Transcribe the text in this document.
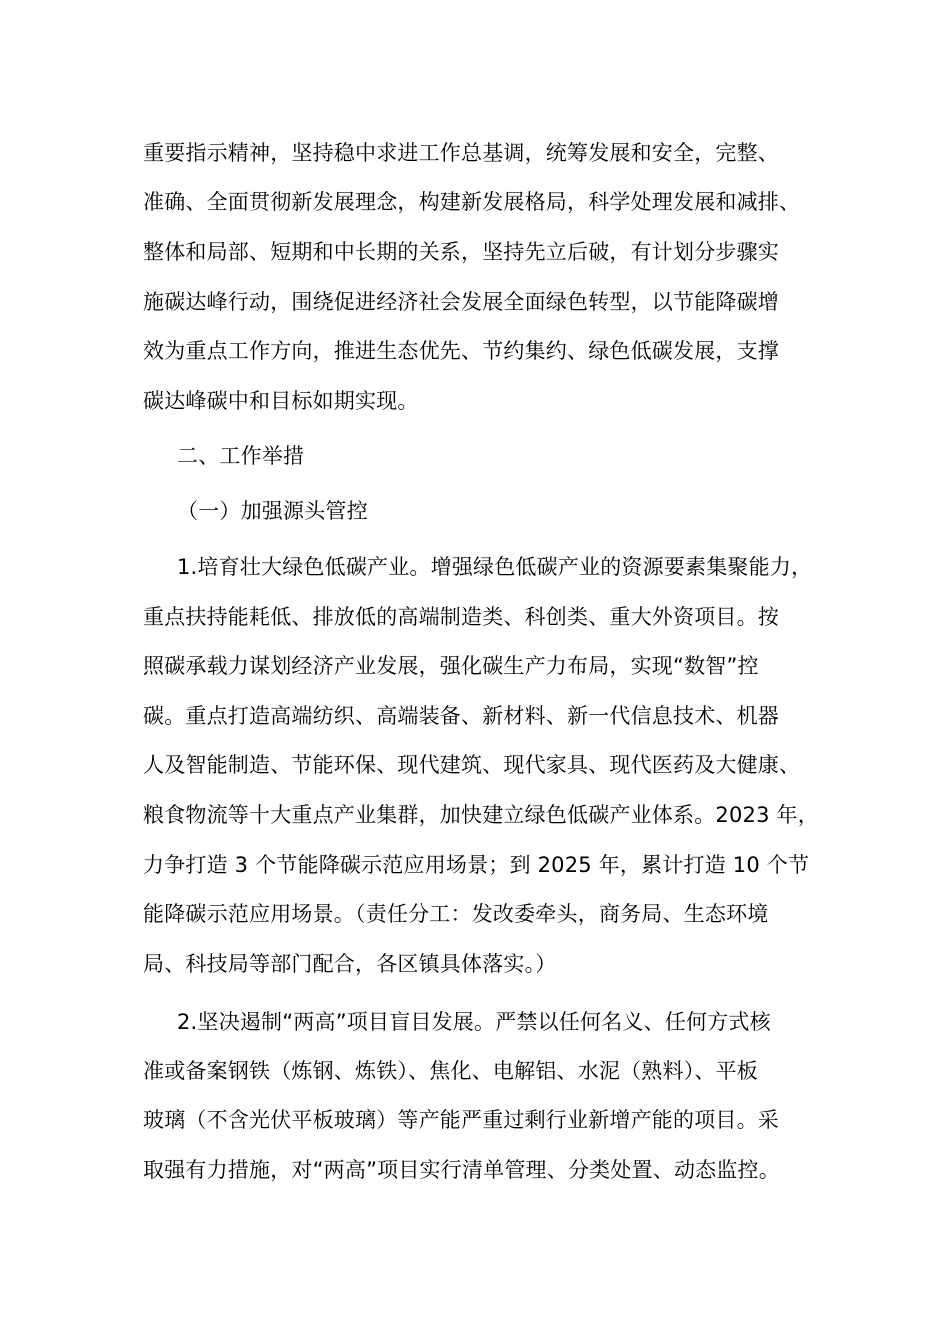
重要指示精神，坚持稳中求进工作总基调，统筹发展和安全，完整、
准确、全面贯彻新发展理念，构建新发展格局，科学处理发展和减排、
整体和局部、短期和中长期的关系，坚持先立后破，有计划分步骤实
施碳达峰行动，围绕促进经济社会发展全面绿色转型，以节能降碳增
效为重点工作方向，推进生态优先、节约集约、绿色低碳发展，支撑
碳达峰碳中和目标如期实现。
二、工作举措
（一）加强源头管控
1.培育壮大绿色低碳产业。增强绿色低碳产业的资源要素集聚能力，
重点扶持能耗低、排放低的高端制造类、科创类、重大外资项目。按
照碳承载力谋划经济产业发展，强化碳生产力布局，实现“数智”控
碳。重点打造高端纺织、高端装备、新材料、新一代信息技术、机器
人及智能制造、节能环保、现代建筑、现代家具、现代医药及大健康、
粮食物流等十大重点产业集群，加快建立绿色低碳产业体系。2023 年，
力争打造 3 个节能降碳示范应用场景；到 2025 年，累计打造 10 个节
能降碳示范应用场景。（责任分工：发改委牵头，商务局、生态环境
局、科技局等部门配合，各区镇具体落实。）
2.坚决遏制“两高”项目盲目发展。严禁以任何名义、任何方式核
准或备案钢铁（炼钢、炼铁）、焦化、电解铝、水泥（熟料）、平板
玻璃（不含光伏平板玻璃）等产能严重过剩行业新增产能的项目。采
取强有力措施，对“两高”项目实行清单管理、分类处置、动态监控。
